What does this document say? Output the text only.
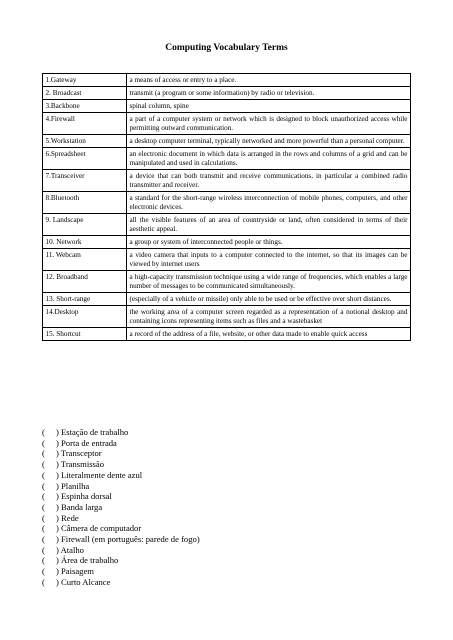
Computing Vocabulary Terms
1.Gateway	a means of access or entry to a place.
2. Broadcast	transmit (a program or some information) by radio or television.
3.Backbone	spinal column, spine
4.Firewall	a part of a computer system or network which is designed to block unauthorized access while permitting outward communication.
5.Workstation	a desktop computer terminal, typically networked and more powerful than a personal computer.
6.Spreadsheet	an electronic document in which data is arranged in the rows and columns of a grid and can be manipulated and used in calculations.
7.Transceiver	a device that can both transmit and receive communications, in particular a combined radio transmitter and receiver.
8.Bluetooth	a standard for the short-range wireless interconnection of mobile phones, computers, and other electronic devices.
9. Landscape	all the visible features of an area of countryside or land, often considered in terms of their aesthetic appeal.
10. Network	a group or system of interconnected people or things.
11. Webcam	a video camera that inputs to a computer connected to the internet, so that its images can be viewed by internet users
12. Broadband	a high-capacity transmission technique using a wide range of frequencies, which enables a large number of messages to be communicated simultaneously.
13. Short-range	(especially of a vehicle or missile) only able to be used or be effective over short distances.
14.Desktop	the working area of a computer screen regarded as a representation of a notional desktop and containing icons representing items such as files and a wastebasket
15. Shortcut	a record of the address of a file, website, or other data made to enable quick access
( ) Estação de trabalho
( ) Porta de entrada
( ) Transceptor
( ) Transmissão
( ) Literalmente dente azul
( ) Planilha
( ) Espinha dorsal
( ) Banda larga
( ) Rede
( ) Câmera de computador
( ) Firewall (em português: parede de fogo)
( ) Atalho
( ) Área de trabalho
( ) Paisagem
( ) Curto Alcance
